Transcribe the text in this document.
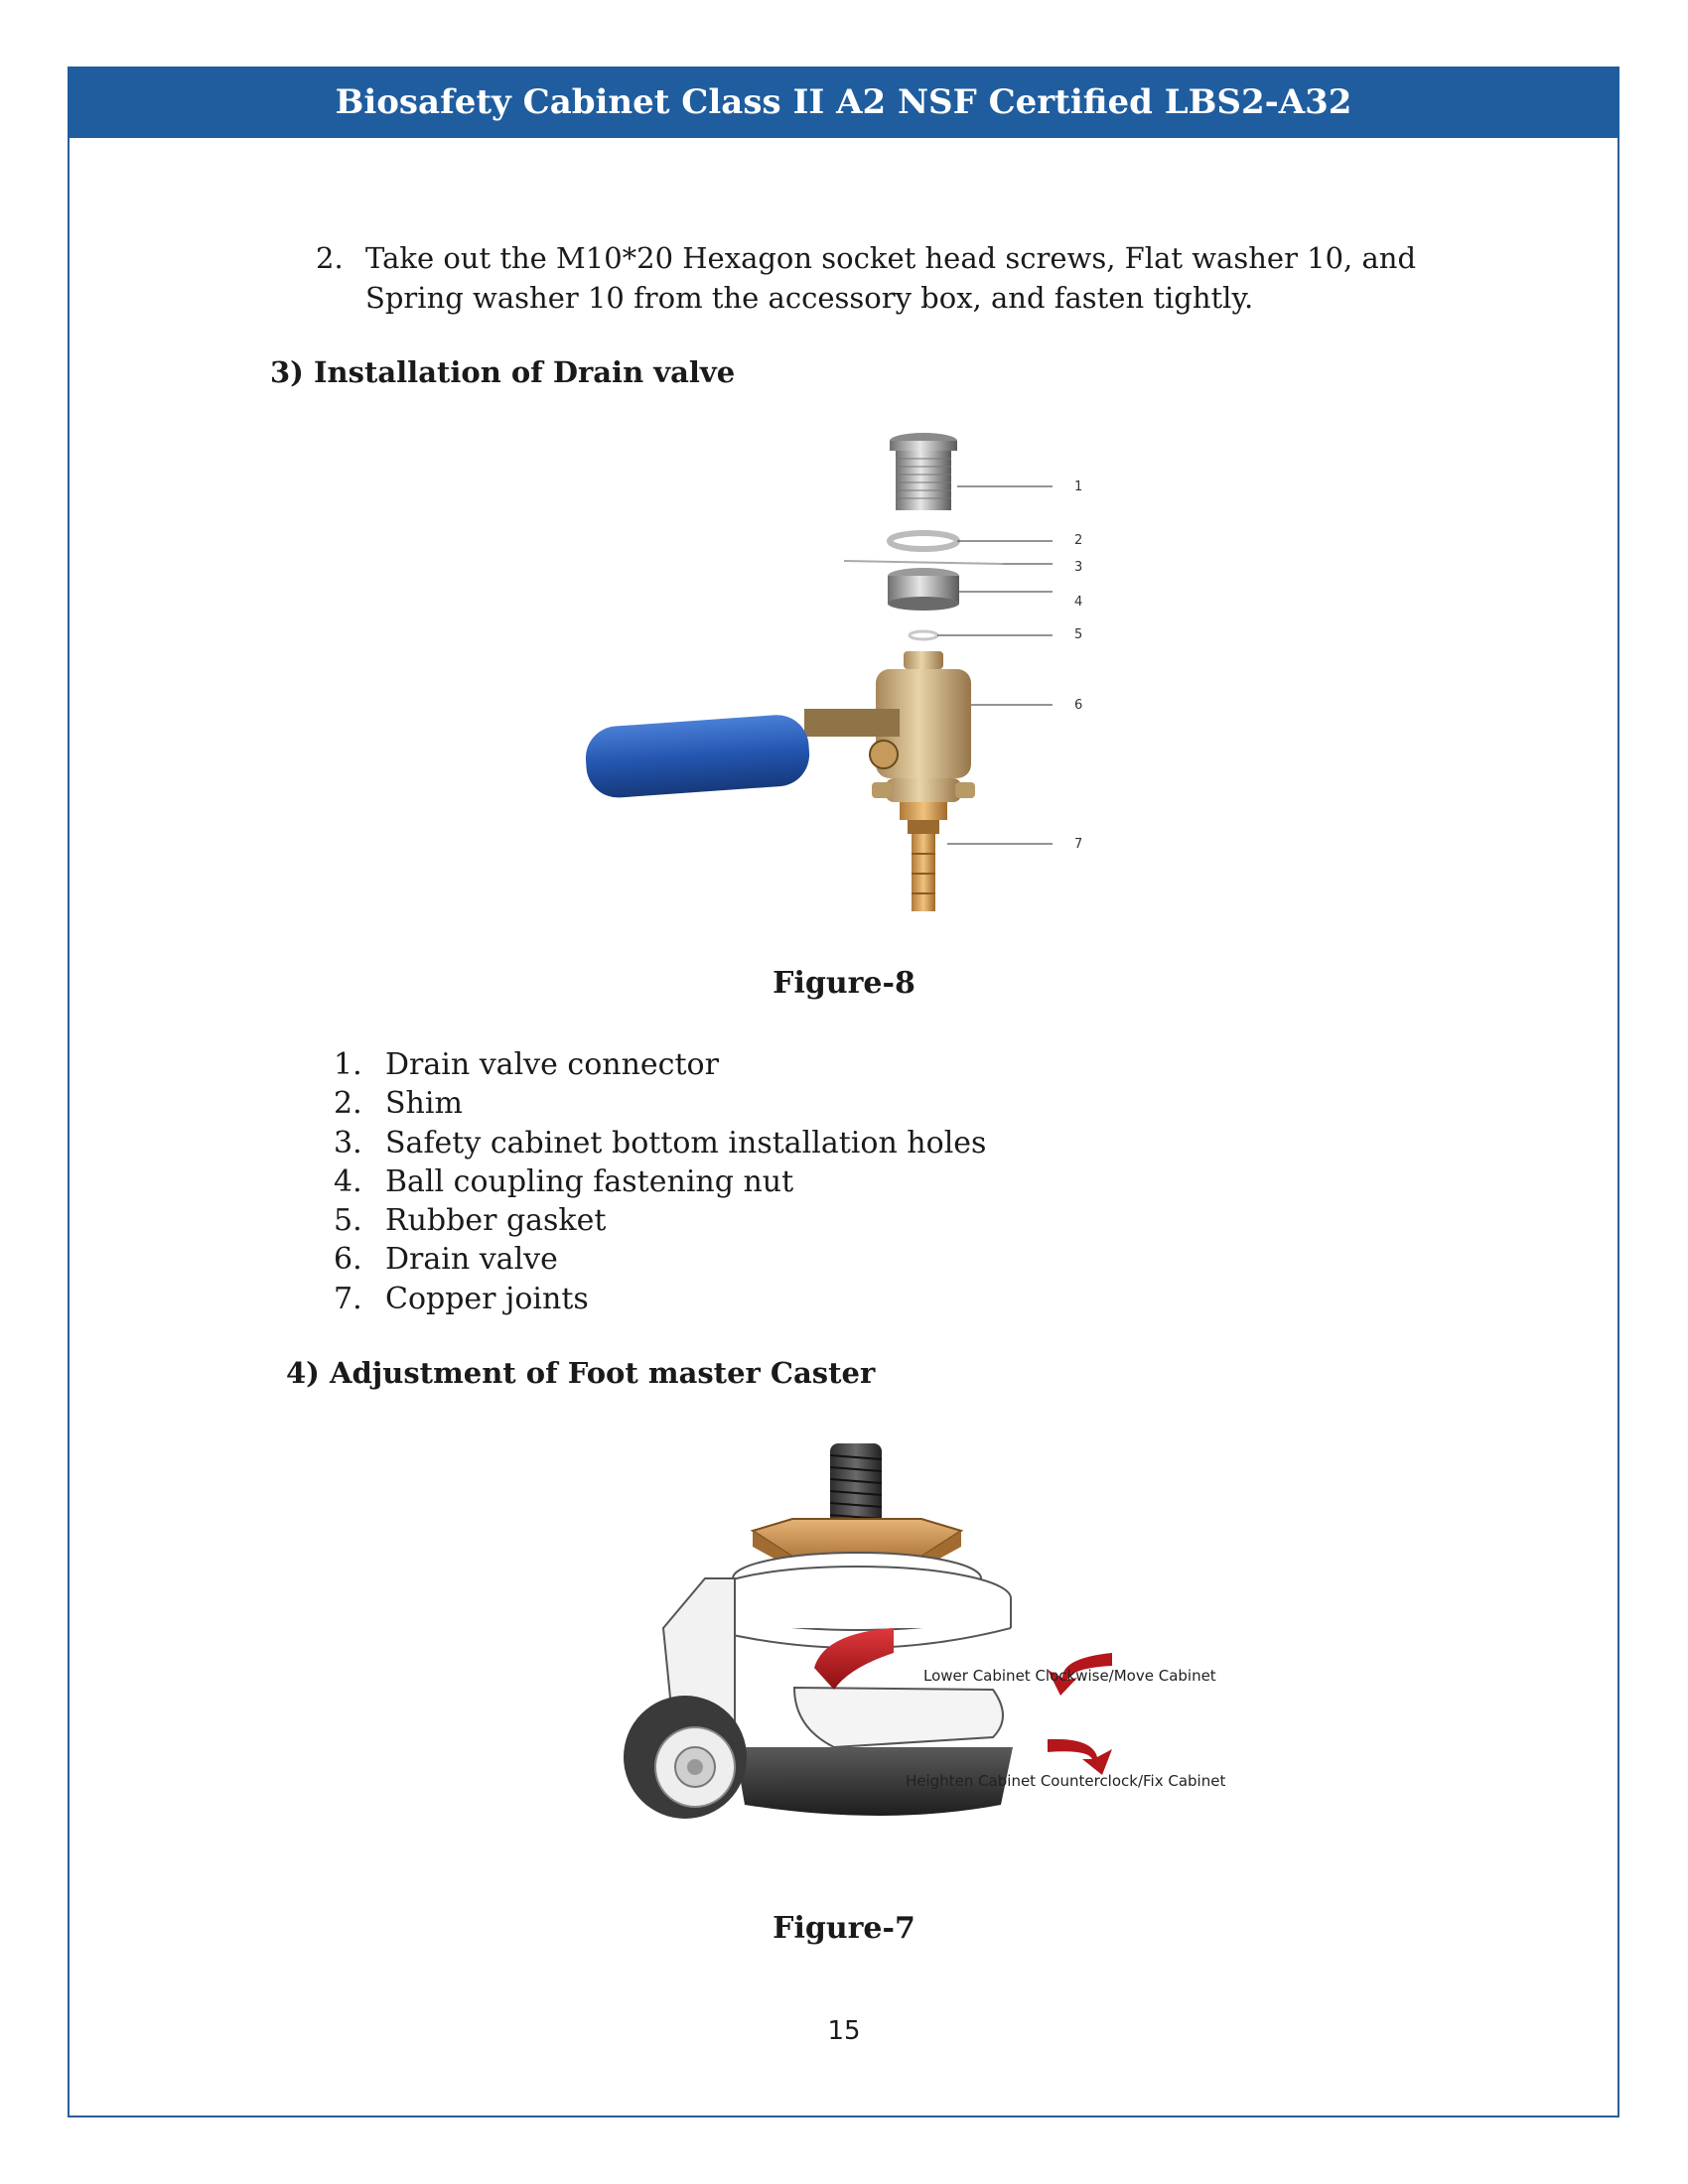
Biosafety Cabinet Class II A2 NSF Certified LBS2-A32
2. Take out the M10*20 Hexagon socket head screws, Flat washer 10, and Spring washer 10 from the accessory box, and fasten tightly.
3) Installation of Drain valve
1
2
3
4
5
6
7
Figure-8
1. Drain valve connector
2. Shim
3. Safety cabinet bottom installation holes
4. Ball coupling fastening nut
5. Rubber gasket
6. Drain valve
7. Copper joints
4) Adjustment of Foot master Caster
Lower Cabinet Clockwise/Move Cabinet
Heighten Cabinet Counterclock/Fix Cabinet
Figure-7
15
